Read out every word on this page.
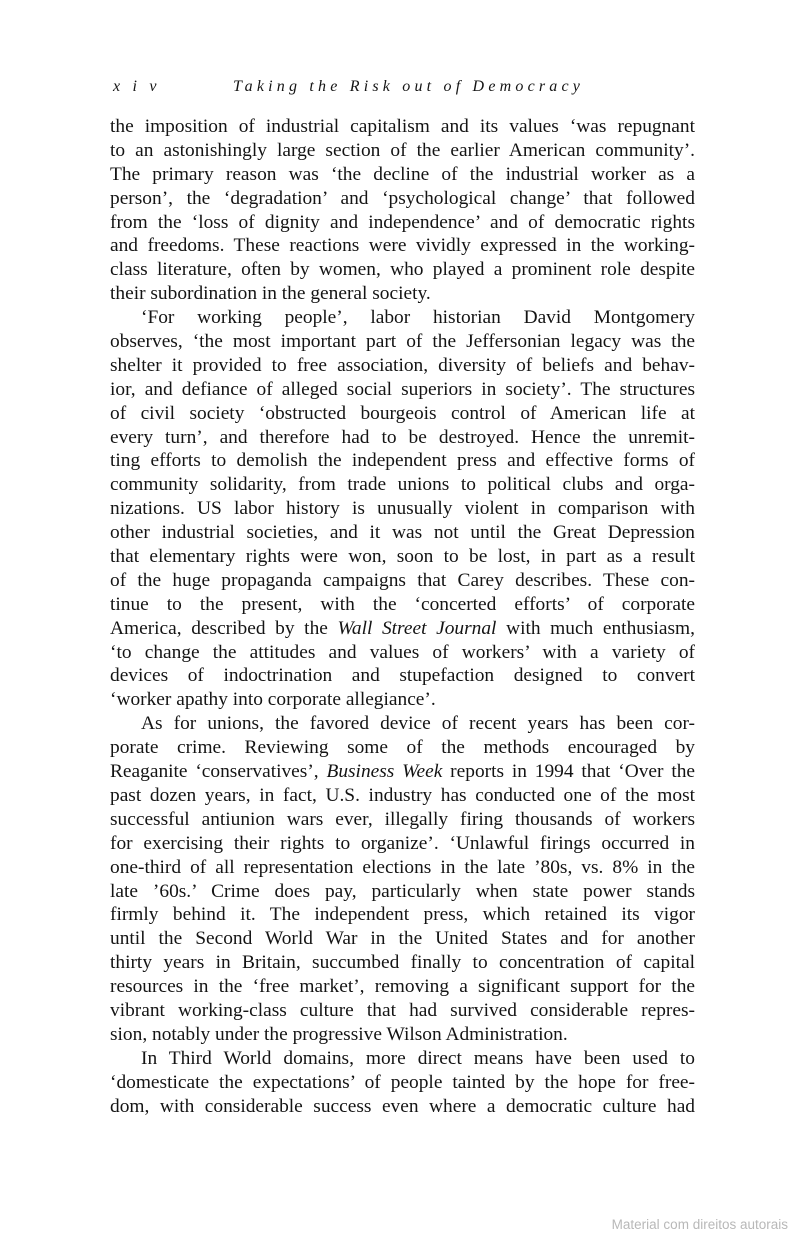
x i v	Taking the Risk out of Democracy
the imposition of industrial capitalism and its values ‘was repugnant
to an astonishingly large section of the earlier American community’.
The primary reason was ‘the decline of the industrial worker as a
person’, the ‘degradation’ and ‘psychological change’ that followed
from the ‘loss of dignity and independence’ and of democratic rights
and freedoms. These reactions were vividly expressed in the working-
class literature, often by women, who played a prominent role despite
their subordination in the general society.
‘For working people’, labor historian David Montgomery
observes, ‘the most important part of the Jeffersonian legacy was the
shelter it provided to free association, diversity of beliefs and behav-
ior, and defiance of alleged social superiors in society’. The structures
of civil society ‘obstructed bourgeois control of American life at
every turn’, and therefore had to be destroyed. Hence the unremit-
ting efforts to demolish the independent press and effective forms of
community solidarity, from trade unions to political clubs and orga-
nizations. US labor history is unusually violent in comparison with
other industrial societies, and it was not until the Great Depression
that elementary rights were won, soon to be lost, in part as a result
of the huge propaganda campaigns that Carey describes. These con-
tinue to the present, with the ‘concerted efforts’ of corporate
America, described by the Wall Street Journal with much enthusiasm,
‘to change the attitudes and values of workers’ with a variety of
devices of indoctrination and stupefaction designed to convert
‘worker apathy into corporate allegiance’.
As for unions, the favored device of recent years has been cor-
porate crime. Reviewing some of the methods encouraged by
Reaganite ‘conservatives’, Business Week reports in 1994 that ‘Over the
past dozen years, in fact, U.S. industry has conducted one of the most
successful antiunion wars ever, illegally firing thousands of workers
for exercising their rights to organize’. ‘Unlawful firings occurred in
one-third of all representation elections in the late ’80s, vs. 8% in the
late ’60s.’ Crime does pay, particularly when state power stands
firmly behind it. The independent press, which retained its vigor
until the Second World War in the United States and for another
thirty years in Britain, succumbed finally to concentration of capital
resources in the ‘free market’, removing a significant support for the
vibrant working-class culture that had survived considerable repres-
sion, notably under the progressive Wilson Administration.
In Third World domains, more direct means have been used to
‘domesticate the expectations’ of people tainted by the hope for free-
dom, with considerable success even where a democratic culture had
Material com direitos autorais
